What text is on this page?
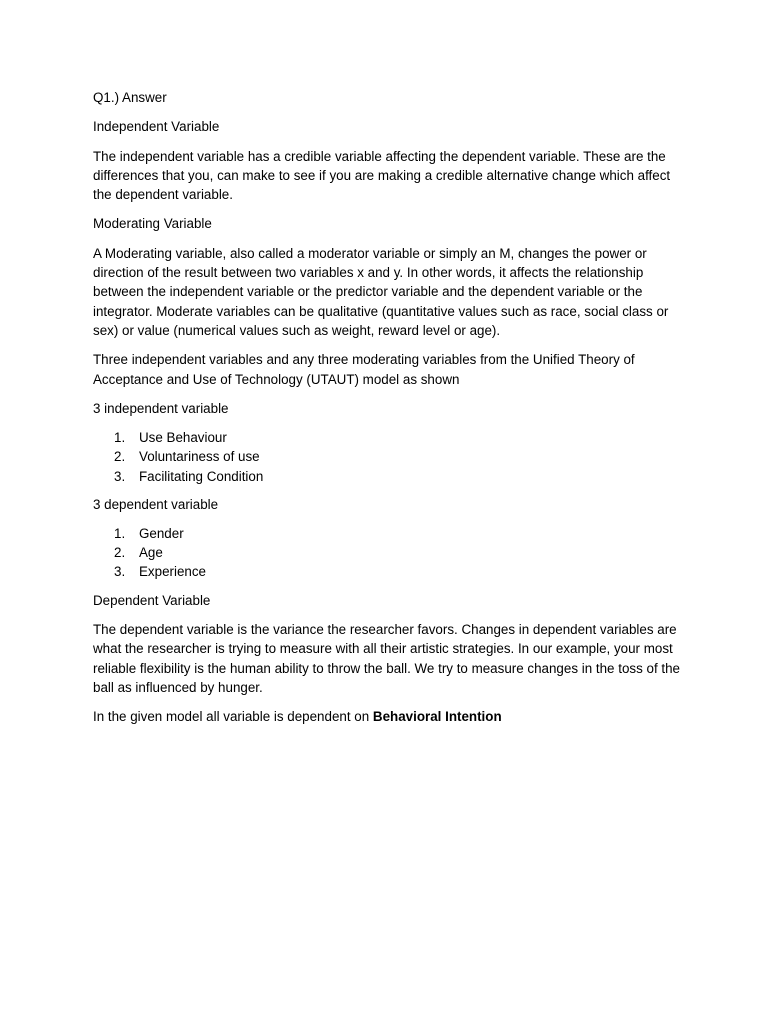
Q1.) Answer

Independent Variable

The independent variable has a credible variable affecting the dependent variable. These are the differences that you, can make to see if you are making a credible alternative change which affect the dependent variable.

Moderating Variable

A Moderating variable, also called a moderator variable or simply an M, changes the power or direction of the result between two variables x and y. In other words, it affects the relationship between the independent variable or the predictor variable and the dependent variable or the integrator. Moderate variables can be qualitative (quantitative values such as race, social class or sex) or value (numerical values such as weight, reward level or age).

Three independent variables and any three moderating variables from the Unified Theory of Acceptance and Use of Technology (UTAUT) model as shown

3 independent variable

1. Use Behaviour
2. Voluntariness of use
3. Facilitating Condition

3 dependent variable

1. Gender
2. Age
3. Experience

Dependent Variable

The dependent variable is the variance the researcher favors. Changes in dependent variables are what the researcher is trying to measure with all their artistic strategies. In our example, your most reliable flexibility is the human ability to throw the ball. We try to measure changes in the toss of the ball as influenced by hunger.

In the given model all variable is dependent on Behavioral Intention
